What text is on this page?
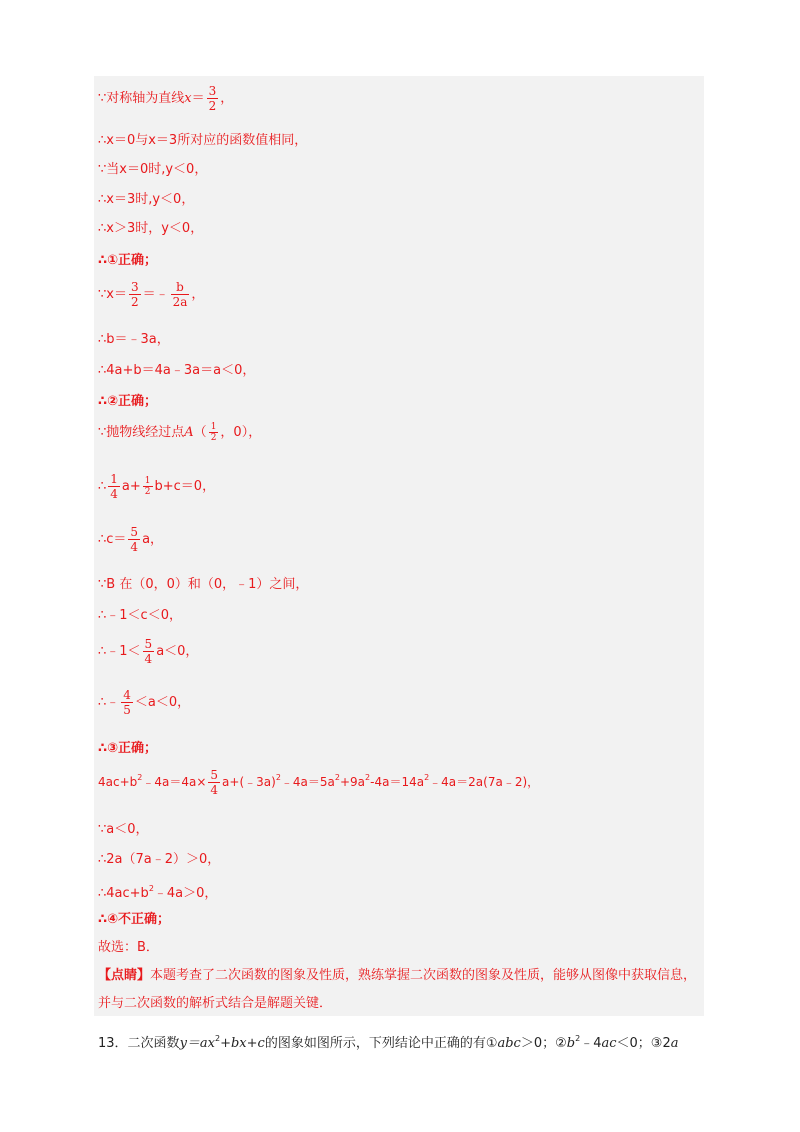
∵对称轴为直线$x= \frac{3}{2}$ ，
∴x＝0与x＝3所对应的函数值相同，
∵当x＝0时,y＜0，
∴x＝3时,y＜0，
∴x＞3时，y＜0，
∴①正确；
∵x＝ $\frac{3}{2}$ ＝﹣ $\frac{b}{2a}$ ，
∴b＝﹣3a，
∴4a+b＝4a﹣3a＝a＜0，
∴②正确；
∵抛物线经过点$A( \frac{1}{2}$ ，0），
∴ $\frac{1}{4} a+ \frac{1}{2} b+c=0$，
∴c＝ $\frac{5}{4}$ a，
∵B 在（0，0）和（0，﹣1）之间，
∴﹣1＜c＜0，
∴﹣1＜ $\frac{5}{4} a<0$，
∴﹣ $\frac{4}{5} <a<0$，
∴③正确；
$4ac+b^2﹣4a=4a\times \frac{5}{4}$ $a+(﹣3a)^2﹣4a=5a^2+9a^2-4a=14a^2﹣4a=2a(7a﹣2)$，
∵a＜0，
∴2a（7a﹣2）＞0，
$\therefore 4ac+b^2﹣4a>0$，
∴④不正确；
故选：B．
【点睛】本题考查了二次函数的图象及性质，熟练掌握二次函数的图象及性质，能够从图像中获取信息，并与二次函数的解析式结合是解题关键．
13．二次函数$y=ax^2+bx+c$的图象如图所示，下列结论中正确的有①abc＞0；$②b^2﹣4ac<0$；③2a
